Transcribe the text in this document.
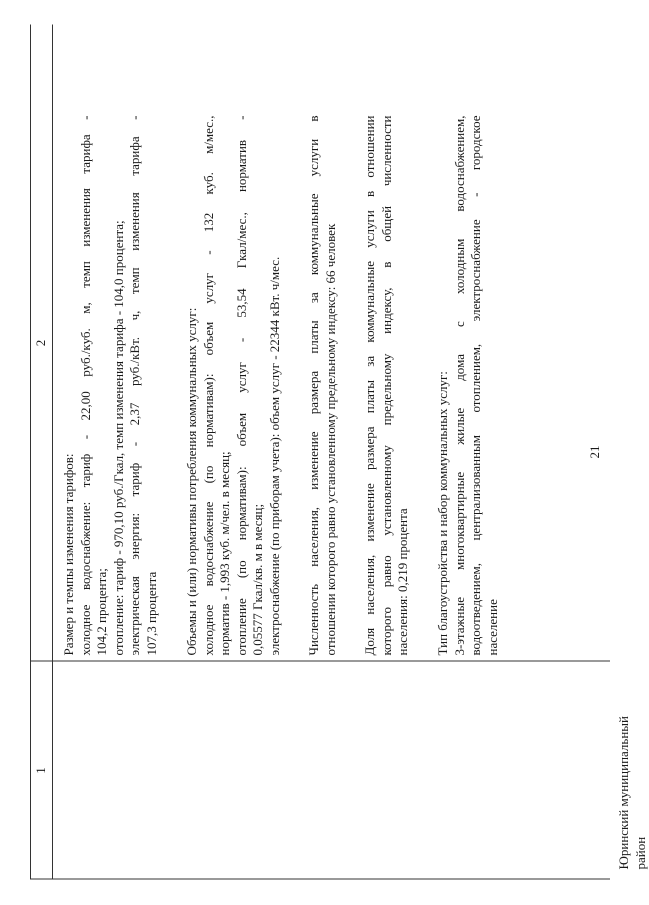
21
1
2
Юринский муниципальный район
Размер и темпы изменения тарифов: холодное водоснабжение: тариф - 22,00 руб./куб. м, темп изменения тарифа - 104,2 процента; отопление: тариф - 970,10 руб./Гкал, темп изменения тарифа - 104,0 процента; электрическая энергия: тариф - 2,37 руб./кВт. ч, темп изменения тарифа - 107,3 процента Объемы и (или) нормативы потребления коммунальных услуг: холодное водоснабжение (по нормативам): объем услуг - 132 куб. м/мес., норматив - 1,993 куб. м/чел. в месяц; отопление (по нормативам): объем услуг - 53,54 Гкал/мес., норматив - 0,05577 Гкал/кв. м в месяц; электроснабжение (по приборам учета): объем услуг - 22344 кВт. ч/мес. Численность населения, изменение размера платы за коммунальные услуги в отношении которого равно установленному предельному индексу: 66 человек Доля населения, изменение размера платы за коммунальные услуги в отношении которого равно установленному предельному индексу, в общей численности населения: 0,219 процента Тип благоустройства и набор коммунальных услуг: 3-этажные многоквартирные жилые дома с холодным водоснабжением, водоотведением, централизованным отоплением, электроснабжение - городское население
